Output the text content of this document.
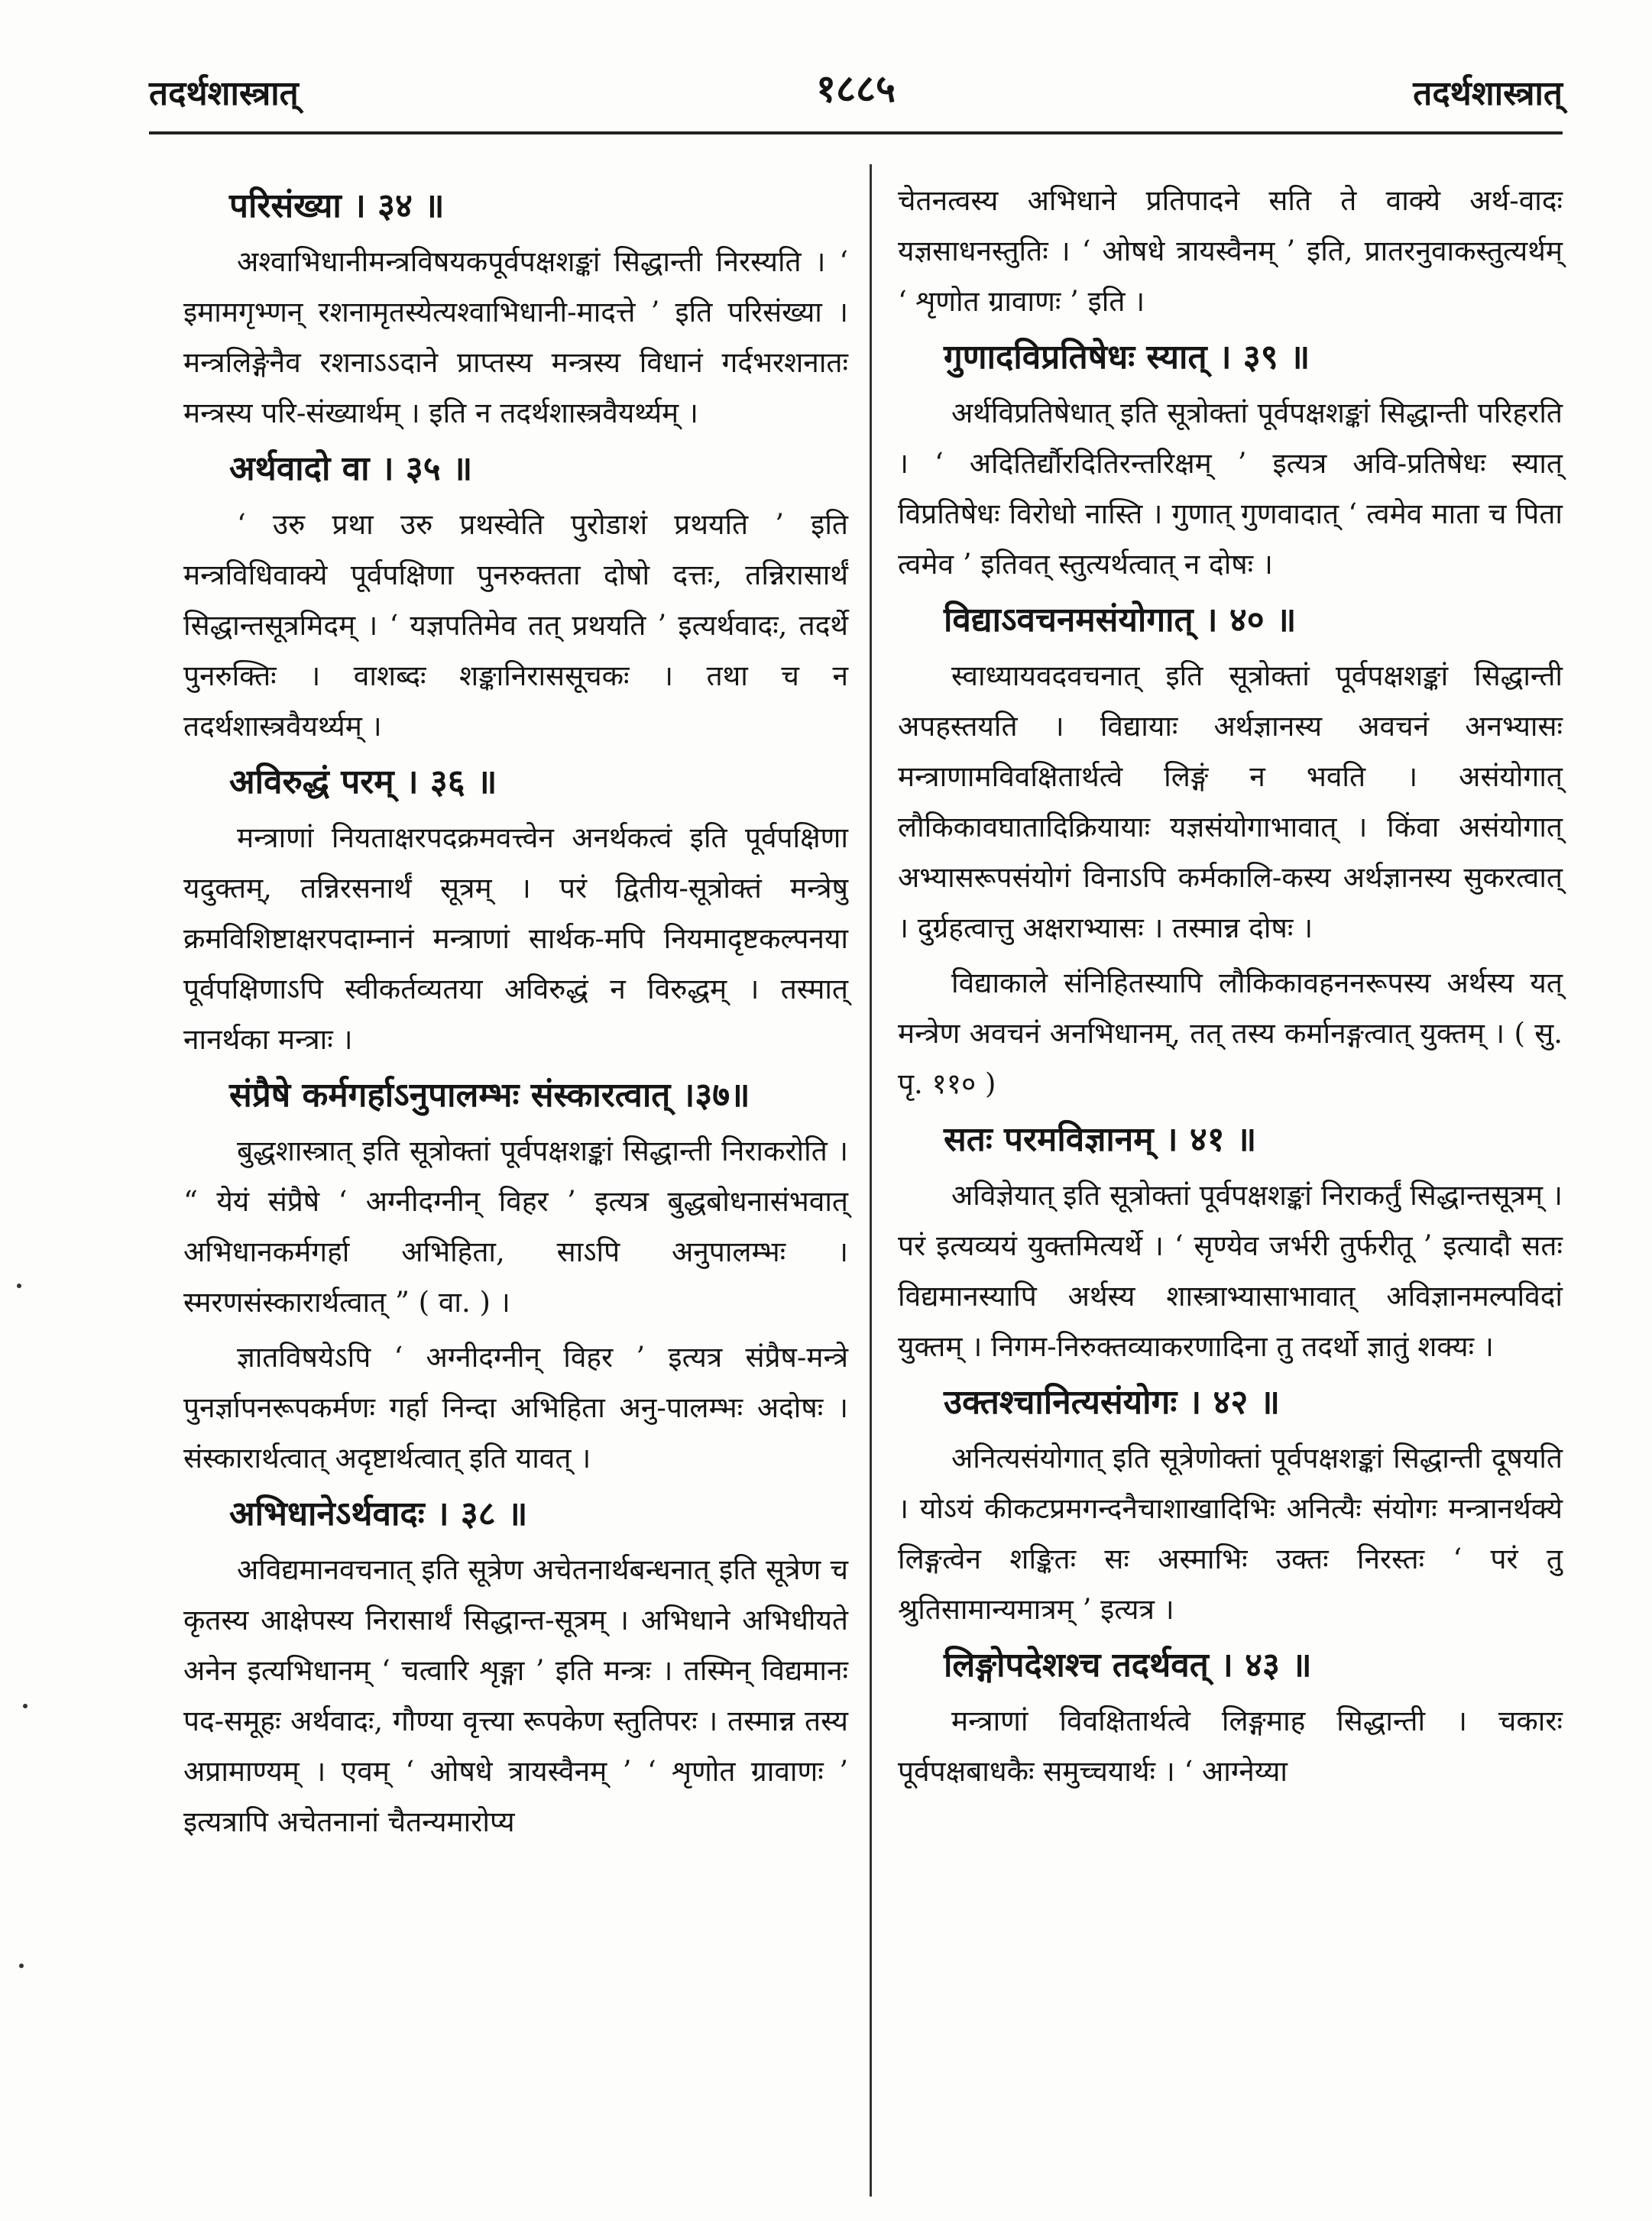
तदर्थशास्त्रात्	१८८५	तदर्थशास्त्रात्
परिसंख्या । ३४ ॥

अश्वाभिधानीमन्त्रविषयकपूर्वपक्षशङ्कां सिद्धान्ती निरस्यति । ‘ इमामगृभ्णन् रशनामृतस्येत्यश्वाभिधानी-मादत्ते ’ इति परिसंख्या । मन्त्रलिङ्गेनैव रशनाऽऽदाने प्राप्तस्य मन्त्रस्य विधानं गर्दभरशनातः मन्त्रस्य परि-संख्यार्थम् । इति न तदर्थशास्त्रवैयर्थ्यम् ।

अर्थवादो वा । ३५ ॥

‘ उरु प्रथा उरु प्रथस्वेति पुरोडाशं प्रथयति ’ इति मन्त्रविधिवाक्ये पूर्वपक्षिणा पुनरुक्तता दोषो दत्तः, तन्निरासार्थं सिद्धान्तसूत्रमिदम् । ‘ यज्ञपतिमेव तत् प्रथयति ’ इत्यर्थवादः, तदर्थे पुनरुक्तिः । वाशब्दः शङ्कानिराससूचकः । तथा च न तदर्थशास्त्रवैयर्थ्यम् ।

अविरुद्धं परम् । ३६ ॥

मन्त्राणां नियताक्षरपदक्रमवत्त्वेन अनर्थकत्वं इति पूर्वपक्षिणा यदुक्तम्, तन्निरसनार्थं सूत्रम् । परं द्वितीय-सूत्रोक्तं मन्त्रेषु क्रमविशिष्टाक्षरपदाम्नानं मन्त्राणां सार्थक-मपि नियमादृष्टकल्पनया पूर्वपक्षिणाऽपि स्वीकर्तव्यतया अविरुद्धं न विरुद्धम् । तस्मात् नानर्थका मन्त्राः ।

संप्रैषे कर्मगर्हाऽनुपालम्भः संस्कारत्वात् ।३७॥

बुद्धशास्त्रात् इति सूत्रोक्तां पूर्वपक्षशङ्कां सिद्धान्ती निराकरोति । “ येयं संप्रैषे ‘ अग्नीदग्नीन् विहर ’ इत्यत्र बुद्धबोधनासंभवात् अभिधानकर्मगर्हा अभिहिता, साऽपि अनुपालम्भः । स्मरणसंस्कारार्थत्वात् ” ( वा. ) ।

ज्ञातविषयेऽपि ‘ अग्नीदग्नीन् विहर ’ इत्यत्र संप्रैष-मन्त्रे पुनर्ज्ञापनरूपकर्मणः गर्हा निन्दा अभिहिता अनु-पालम्भः अदोषः । संस्कारार्थत्वात् अदृष्टार्थत्वात् इति यावत् ।

अभिधानेऽर्थवादः । ३८ ॥

अविद्यमानवचनात् इति सूत्रेण अचेतनार्थबन्धनात् इति सूत्रेण च कृतस्य आक्षेपस्य निरासार्थं सिद्धान्त-सूत्रम् । अभिधाने अभिधीयते अनेन इत्यभिधानम् ‘ चत्वारि शृङ्गा ’ इति मन्त्रः । तस्मिन् विद्यमानः पद-समूहः अर्थवादः, गौण्या वृत्त्या रूपकेण स्तुतिपरः । तस्मान्न तस्य अप्रामाण्यम् । एवम् ‘ ओषधे त्रायस्वैनम् ’ ‘ शृणोत ग्रावाणः ’ इत्यत्रापि अचेतनानां चैतन्यमारोप्य

चेतनत्वस्य अभिधाने प्रतिपादने सति ते वाक्ये अर्थ-वादः यज्ञसाधनस्तुतिः । ‘ ओषधे त्रायस्वैनम् ’ इति, प्रातरनुवाकस्तुत्यर्थम् ‘ शृणोत ग्रावाणः ’ इति ।

गुणादविप्रतिषेधः स्यात् । ३९ ॥

अर्थविप्रतिषेधात् इति सूत्रोक्तां पूर्वपक्षशङ्कां सिद्धान्ती परिहरति । ‘ अदितिर्द्यौरदितिरन्तरिक्षम् ’ इत्यत्र अवि-प्रतिषेधः स्यात् विप्रतिषेधः विरोधो नास्ति । गुणात् गुणवादात् ‘ त्वमेव माता च पिता त्वमेव ’ इतिवत् स्तुत्यर्थत्वात् न दोषः ।

विद्याऽवचनमसंयोगात् । ४० ॥

स्वाध्यायवदवचनात् इति सूत्रोक्तां पूर्वपक्षशङ्कां सिद्धान्ती अपहस्तयति । विद्यायाः अर्थज्ञानस्य अवचनं अनभ्यासः मन्त्राणामविवक्षितार्थत्वे लिङ्गं न भवति । असंयोगात् लौकिकावघातादिक्रियायाः यज्ञसंयोगाभावात् । किंवा असंयोगात् अभ्यासरूपसंयोगं विनाऽपि कर्मकालि-कस्य अर्थज्ञानस्य सुकरत्वात् । दुर्ग्रहत्वात्तु अक्षराभ्यासः । तस्मान्न दोषः ।

विद्याकाले संनिहितस्यापि लौकिकावहननरूपस्य अर्थस्य यत् मन्त्रेण अवचनं अनभिधानम्, तत् तस्य कर्मानङ्गत्वात् युक्तम् । ( सु. पृ. ११० )

सतः परमविज्ञानम् । ४१ ॥

अविज्ञेयात् इति सूत्रोक्तां पूर्वपक्षशङ्कां निराकर्तुं सिद्धान्तसूत्रम् । परं इत्यव्ययं युक्तमित्यर्थे । ‘ सृण्येव जर्भरी तुर्फरीतू ’ इत्यादौ सतः विद्यमानस्यापि अर्थस्य शास्त्राभ्यासाभावात् अविज्ञानमल्पविदां युक्तम् । निगम-निरुक्तव्याकरणादिना तु तदर्थो ज्ञातुं शक्यः ।

उक्तश्चानित्यसंयोगः । ४२ ॥

अनित्यसंयोगात् इति सूत्रेणोक्तां पूर्वपक्षशङ्कां सिद्धान्ती दूषयति । योऽयं कीकटप्रमगन्दनैचाशाखादिभिः अनित्यैः संयोगः मन्त्रानर्थक्ये लिङ्गत्वेन शङ्कितः सः अस्माभिः उक्तः निरस्तः ‘ परं तु श्रुतिसामान्यमात्रम् ’ इत्यत्र ।

लिङ्गोपदेशश्च तदर्थवत् । ४३ ॥

मन्त्राणां विवक्षितार्थत्वे लिङ्गमाह सिद्धान्ती । चकारः पूर्वपक्षबाधकैः समुच्चयार्थः । ‘ आग्नेय्या
